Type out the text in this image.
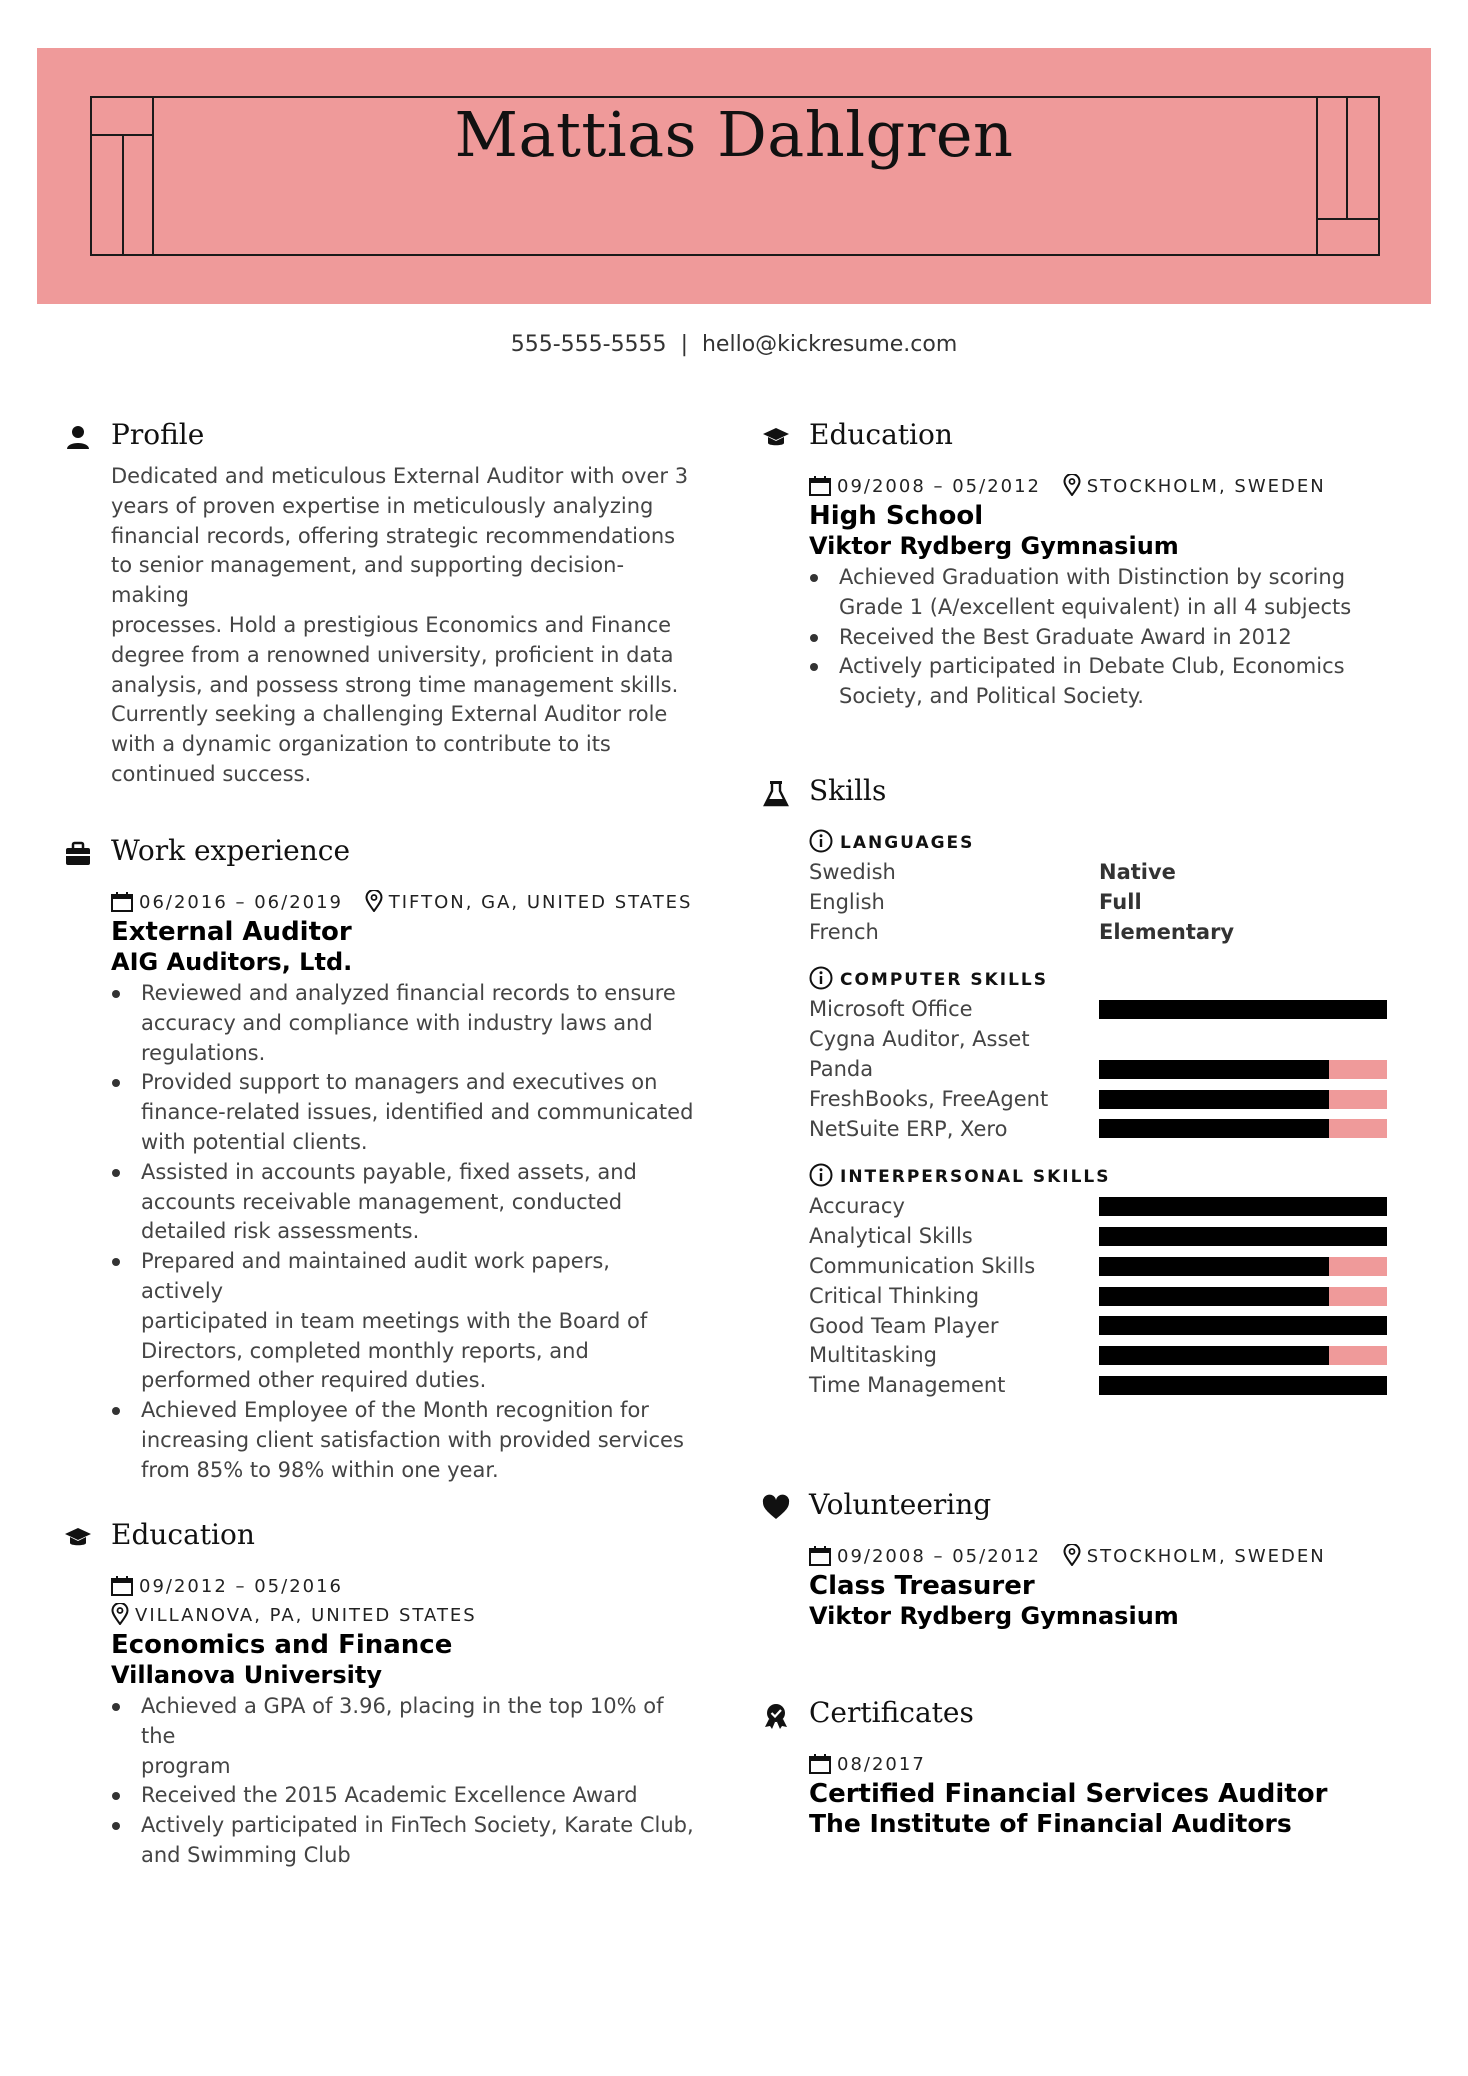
Mattias Dahlgren
555-555-5555 | hello@kickresume.com
Profile
Dedicated and meticulous External Auditor with over 3
years of proven expertise in meticulously analyzing
financial records, offering strategic recommendations
to senior management, and supporting decision-making
processes. Hold a prestigious Economics and Finance
degree from a renowned university, proficient in data
analysis, and possess strong time management skills.
Currently seeking a challenging External Auditor role
with a dynamic organization to contribute to its
continued success.
Work experience
06/2016 – 06/2019	TIFTON, GA, UNITED STATES
External Auditor
AIG Auditors, Ltd.
Reviewed and analyzed financial records to ensure
accuracy and compliance with industry laws and
regulations.
Provided support to managers and executives on
finance-related issues, identified and communicated
with potential clients.
Assisted in accounts payable, fixed assets, and
accounts receivable management, conducted
detailed risk assessments.
Prepared and maintained audit work papers, actively
participated in team meetings with the Board of
Directors, completed monthly reports, and
performed other required duties.
Achieved Employee of the Month recognition for
increasing client satisfaction with provided services
from 85% to 98% within one year.
Education
09/2012 – 05/2016
VILLANOVA, PA, UNITED STATES
Economics and Finance
Villanova University
Achieved a GPA of 3.96, placing in the top 10% of the
program
Received the 2015 Academic Excellence Award
Actively participated in FinTech Society, Karate Club,
and Swimming Club
Education
09/2008 – 05/2012	STOCKHOLM, SWEDEN
High School
Viktor Rydberg Gymnasium
Achieved Graduation with Distinction by scoring
Grade 1 (A/excellent equivalent) in all 4 subjects
Received the Best Graduate Award in 2012
Actively participated in Debate Club, Economics
Society, and Political Society.
Skills
LANGUAGES
Swedish	Native
English	Full
French	Elementary
COMPUTER SKILLS
Microsoft Office
Cygna Auditor, Asset
Panda
FreshBooks, FreeAgent
NetSuite ERP, Xero
INTERPERSONAL SKILLS
Accuracy
Analytical Skills
Communication Skills
Critical Thinking
Good Team Player
Multitasking
Time Management
Volunteering
09/2008 – 05/2012	STOCKHOLM, SWEDEN
Class Treasurer
Viktor Rydberg Gymnasium
Certificates
08/2017
Certified Financial Services Auditor
The Institute of Financial Auditors
